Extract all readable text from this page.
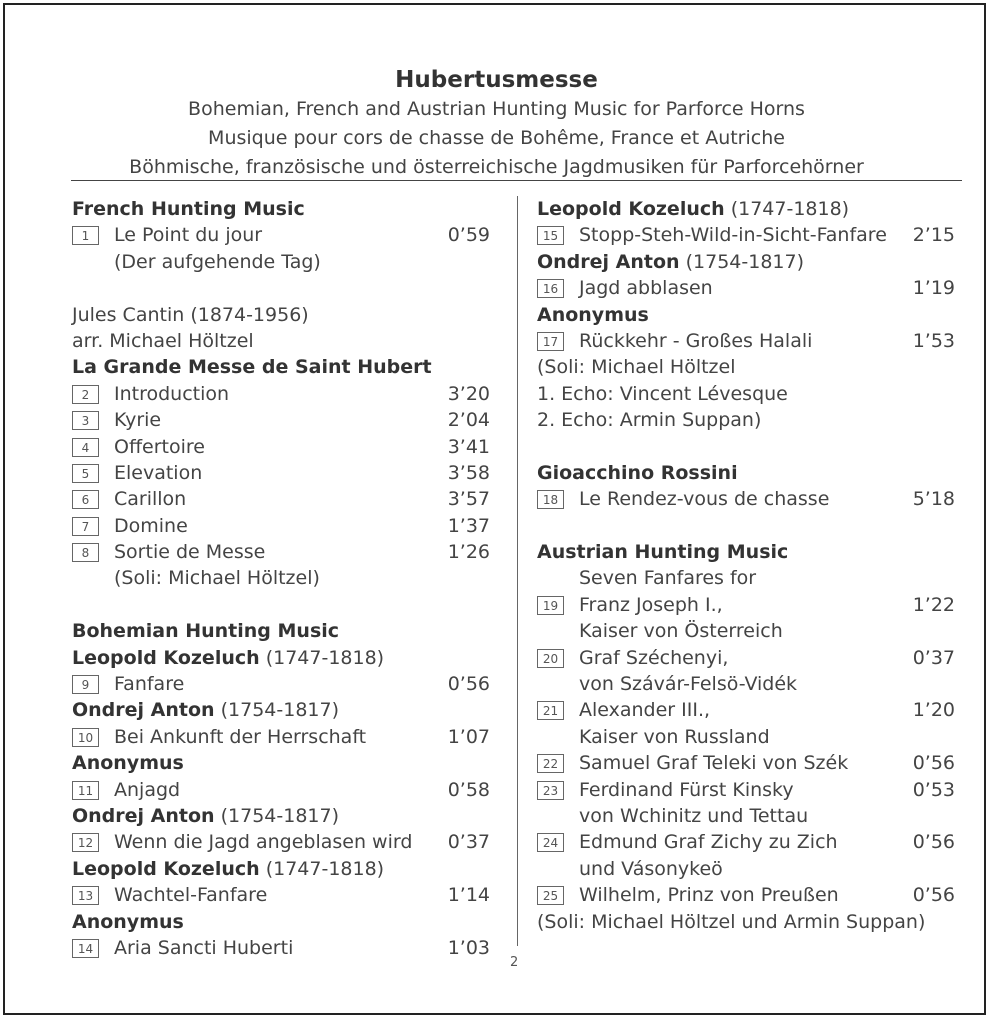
Hubertusmesse
Bohemian, French and Austrian Hunting Music for Parforce Horns
Musique pour cors de chasse de Bohême, France et Autriche
Böhmische, französische und österreichische Jagdmusiken für Parforcehörner
French Hunting Music
1	Le Point du jour	0’59
(Der aufgehende Tag)
Jules Cantin (1874-1956)
arr. Michael Höltzel
La Grande Messe de Saint Hubert
2	Introduction	3’20
3	Kyrie	2’04
4	Offertoire	3’41
5	Elevation	3’58
6	Carillon	3’57
7	Domine	1’37
8	Sortie de Messe	1’26
(Soli: Michael Höltzel)
Bohemian Hunting Music
Leopold Kozeluch (1747-1818)
9	Fanfare	0’56
Ondrej Anton (1754-1817)
10	Bei Ankunft der Herrschaft	1’07
Anonymus
11	Anjagd	0’58
Ondrej Anton (1754-1817)
12	Wenn die Jagd angeblasen wird 0’37
Leopold Kozeluch (1747-1818)
13	Wachtel-Fanfare	1’14
Anonymus
14	Aria Sancti Huberti	1’03
Leopold Kozeluch (1747-1818)
15	Stopp-Steh-Wild-in-Sicht-Fanfare 2’15
Ondrej Anton (1754-1817)
16	Jagd abblasen	1’19
Anonymus
17	Rückkehr - Großes Halali	1’53
(Soli: Michael Höltzel
1. Echo: Vincent Lévesque
2. Echo: Armin Suppan)
Gioacchino Rossini
18	Le Rendez-vous de chasse	5’18
Austrian Hunting Music
Seven Fanfares for
19	Franz Joseph I.,	1’22
Kaiser von Österreich
20	Graf Széchenyi,	0’37
von Szávár-Felsö-Vidék
21	Alexander III.,	1’20
Kaiser von Russland
22	Samuel Graf Teleki von Szék	0’56
23	Ferdinand Fürst Kinsky	0’53
von Wchinitz und Tettau
24	Edmund Graf Zichy zu Zich	0’56
und Vásonykeö
25	Wilhelm, Prinz von Preußen	0’56
(Soli: Michael Höltzel und Armin Suppan)
2
